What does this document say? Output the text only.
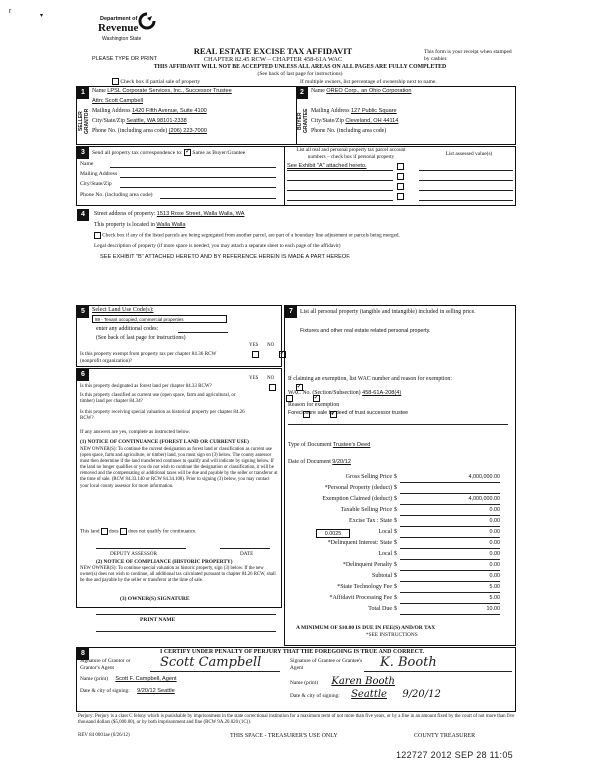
r
▾	Department of
Revenue
Washington State
PLEASE TYPE OR PRINT
REAL ESTATE EXCISE TAX AFFIDAVIT
CHAPTER 82.45 RCW – CHAPTER 458-61A WAC
This form is your receipt when stamped by cashier.
THIS AFFIDAVIT WILL NOT BE ACCEPTED UNLESS ALL AREAS ON ALL PAGES ARE FULLY COMPLETED
(See back of last page for instructions)
Check box if partial sale of property	If multiple owners, list percentage of ownership next to name.
1
SELLER GRANTOR
Name LPSL Corporate Services, Inc., Successor Trustee
Attn: Scott Campbell
Mailing Address 1420 Fifth Avenue, Suite 4100
City/State/Zip Seattle, WA 98101-2338
Phone No. (including area code) (206) 223-7000
2
BUYER GRANTEE
Name OREO Corp., an Ohio Corporation
Mailing Address 127 Public Square
City/State/Zip Cleveland, OH 44114
Phone No. (including area code)
3	Send all property tax correspondence to: ✓ Same as Buyer/Grantee
Name
Mailing Address
City/State/Zip
Phone No. (including area code)
List all real and personal property tax parcel account numbers – check box if personal property	List assessed value(s)
See Exhibit "A" attached hereto.
4	Street address of property: 1513 Rose Street, Walla Walla, WA
This property is located in Walla Walla
Check box if any of the listed parcels are being segregated from another parcel, are part of a boundary line adjustment or parcels being merged.
Legal description of property (if more space is needed, you may attach a separate sheet to each page of the affidavit)
SEE EXHIBIT "B" ATTACHED HERETO AND BY REFERENCE HEREIN IS MADE A PART HEREOF.
5	Select Land Use Code(s):
89 - Tenant occupied, commercial properties
enter any additional codes:
(See back of last page for instructions)
YES NO
Is this property exempt from property tax per chapter 84.36 RCW (nonprofit organization)?
✓
6
YES NO
Is this property designated as forest land per chapter 84.33 RCW?
✓
Is this property classified as current use (open space, farm and agricultural, or timber) land per chapter 84.34?
✓
Is this property receiving special valuation as historical property per chapter 84.26 RCW?
✓
If any answers are yes, complete as instructed below.
(1) NOTICE OF CONTINUANCE (FOREST LAND OR CURRENT USE)
NEW OWNER(S): To continue the current designation as forest land or classification as current use (open space, farm and agriculture, or timber) land, you must sign on (3) below. The county assessor must then determine if the land transferred continues to qualify and will indicate by signing below. If the land no longer qualifies or you do not wish to continue the designation or classification, it will be removed and the compensating or additional taxes will be due and payable by the seller or transferor at the time of sale. (RCW 84.33.140 or RCW 84.34.108). Prior to signing (3) below, you may contact your local county assessor for more information.
This land does does not qualify for continuance.
DEPUTY ASSESSOR	DATE
(2) NOTICE OF COMPLIANCE (HISTORIC PROPERTY)
NEW OWNER(S): To continue special valuation as historic property, sign (3) below. If the new owner(s) does not wish to continue, all additional tax calculated pursuant to chapter 84.26 RCW, shall be due and payable by the seller or transferor at the time of sale.
(3) OWNER(S) SIGNATURE
PRINT NAME
7	List all personal property (tangible and intangible) included in selling price.
Fixtures and other real estate related personal property.
If claiming an exemption, list WAC number and reason for exemption:
WAC No. (Section/Subsection) 458-61A-208(4)
Reason for exemption
Foreclosure sale by deed of trust successor trustee
Type of Document Trustee's Deed
Date of Document 9/20/12
Gross Selling Price $	4,000,000.00
*Personal Property (deduct) $
Exemption Claimed (deduct) $	4,000,000.00
Taxable Selling Price $	0.00
Excise Tax : State $	0.00
0.0025	Local $	0.00
*Delinquent Interest: State $	0.00
Local $	0.00
*Delinquent Penalty $	0.00
Subtotal $	0.00
*State Technology Fee $	5.00
*Affidavit Processing Fee $	5.00
Total Due $	10.00
A MINIMUM OF $10.00 IS DUE IN FEE(S) AND/OR TAX
*SEE INSTRUCTIONS
8	I CERTIFY UNDER PENALTY OF PERJURY THAT THE FOREGOING IS TRUE AND CORRECT.
Signature of Grantor or Grantor's Agent	Scott Campbell
Name (print) Scott F. Campbell, Agent
Date & city of signing: 9/20/12 Seattle
Signature of Grantee or Grantee's Agent	K. Booth
Name (print) Karen Booth
Date & city of signing: Seattle 9/20/12
Perjury: Perjury is a class C felony which is punishable by imprisonment in the state correctional institution for a maximum term of not more than five years, or by a fine in an amount fixed by the court of not more than five thousand dollars ($5,000.00), or by both imprisonment and fine (RCW 9A.20.020 (1C)).
REV 84 0001ae (6/26/12)	THIS SPACE - TREASURER'S USE ONLY	COUNTY TREASURER
122727 2012 SEP 28 11:05
